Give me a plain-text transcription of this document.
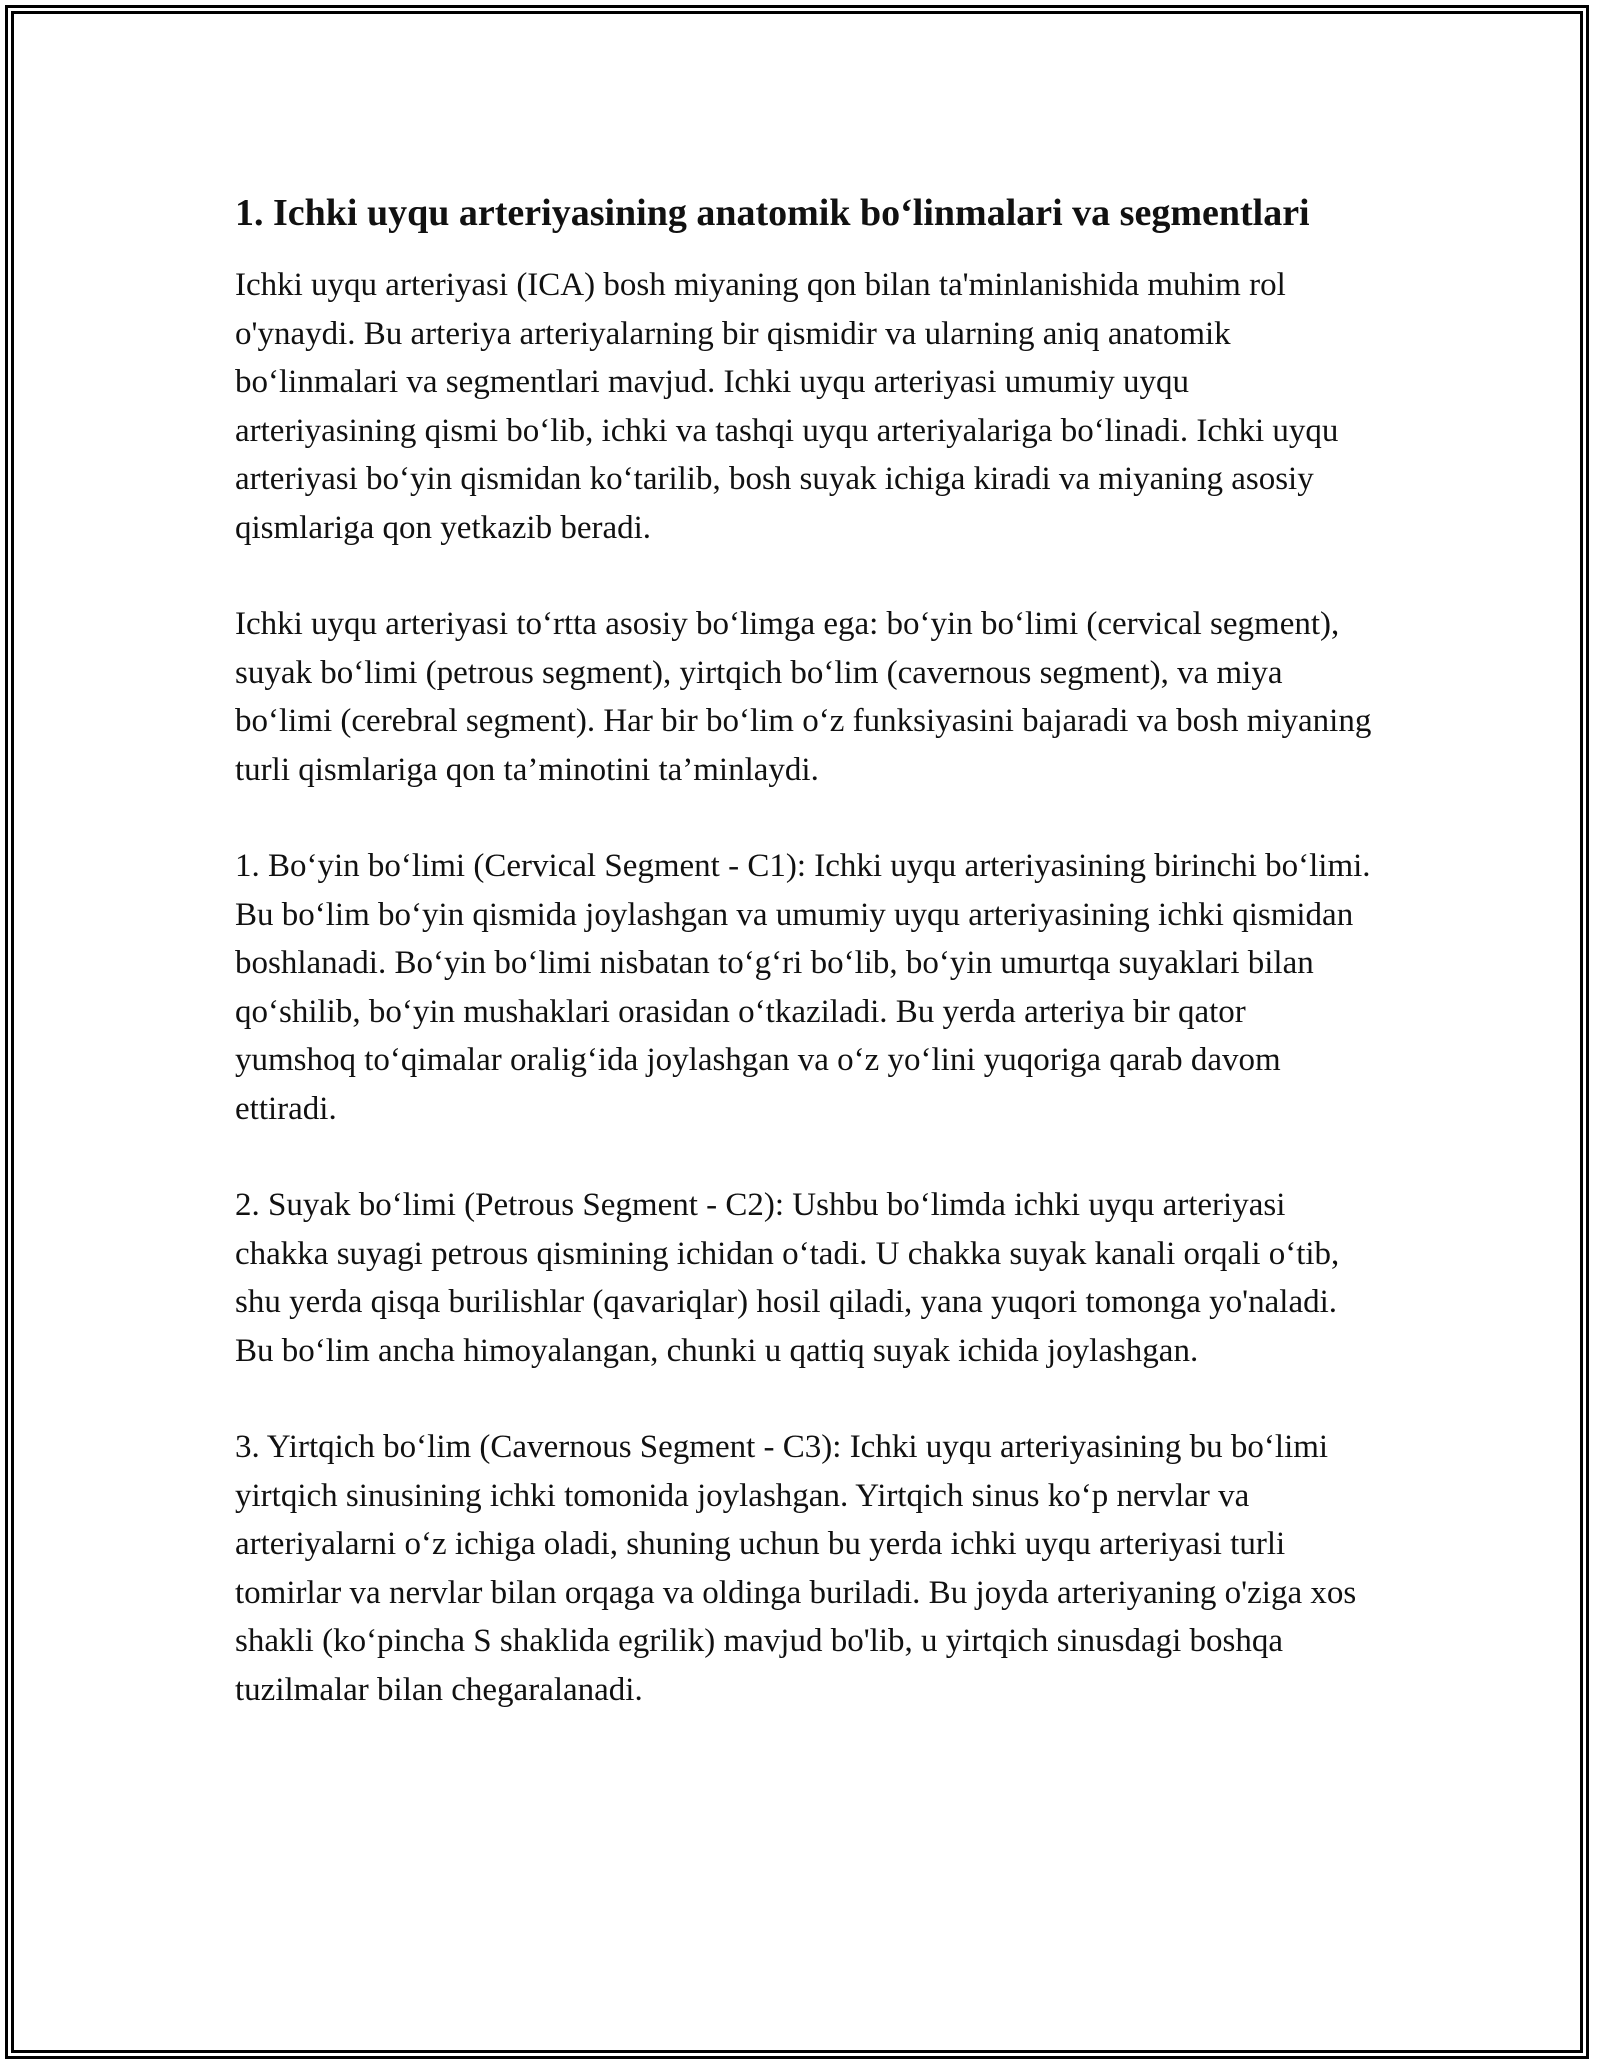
1. Ichki uyqu arteriyasining anatomik bo‘linmalari va segmentlari

Ichki uyqu arteriyasi (ICA) bosh miyaning qon bilan ta'minlanishida muhim rol o'ynaydi. Bu arteriya arteriyalarning bir qismidir va ularning aniq anatomik bo‘linmalari va segmentlari mavjud. Ichki uyqu arteriyasi umumiy uyqu arteriyasining qismi bo‘lib, ichki va tashqi uyqu arteriyalariga bo‘linadi. Ichki uyqu arteriyasi bo‘yin qismidan ko‘tarilib, bosh suyak ichiga kiradi va miyaning asosiy qismlariga qon yetkazib beradi.

Ichki uyqu arteriyasi to‘rtta asosiy bo‘limga ega: bo‘yin bo‘limi (cervical segment), suyak bo‘limi (petrous segment), yirtqich bo‘lim (cavernous segment), va miya bo‘limi (cerebral segment). Har bir bo‘lim o‘z funksiyasini bajaradi va bosh miyaning turli qismlariga qon ta’minotini ta’minlaydi.

1. Bo‘yin bo‘limi (Cervical Segment - C1): Ichki uyqu arteriyasining birinchi bo‘limi. Bu bo‘lim bo‘yin qismida joylashgan va umumiy uyqu arteriyasining ichki qismidan boshlanadi. Bo‘yin bo‘limi nisbatan to‘g‘ri bo‘lib, bo‘yin umurtqa suyaklari bilan qo‘shilib, bo‘yin mushaklari orasidan o‘tkaziladi. Bu yerda arteriya bir qator yumshoq to‘qimalar oralig‘ida joylashgan va o‘z yo‘lini yuqoriga qarab davom ettiradi.

2. Suyak bo‘limi (Petrous Segment - C2): Ushbu bo‘limda ichki uyqu arteriyasi chakka suyagi petrous qismining ichidan o‘tadi. U chakka suyak kanali orqali o‘tib, shu yerda qisqa burilishlar (qavariqlar) hosil qiladi, yana yuqori tomonga yo'naladi. Bu bo‘lim ancha himoyalangan, chunki u qattiq suyak ichida joylashgan.

3. Yirtqich bo‘lim (Cavernous Segment - C3): Ichki uyqu arteriyasining bu bo‘limi yirtqich sinusining ichki tomonida joylashgan. Yirtqich sinus ko‘p nervlar va arteriyalarni o‘z ichiga oladi, shuning uchun bu yerda ichki uyqu arteriyasi turli tomirlar va nervlar bilan orqaga va oldinga buriladi. Bu joyda arteriyaning o'ziga xos shakli (ko‘pincha S shaklida egrilik) mavjud bo'lib, u yirtqich sinusdagi boshqa tuzilmalar bilan chegaralanadi.
